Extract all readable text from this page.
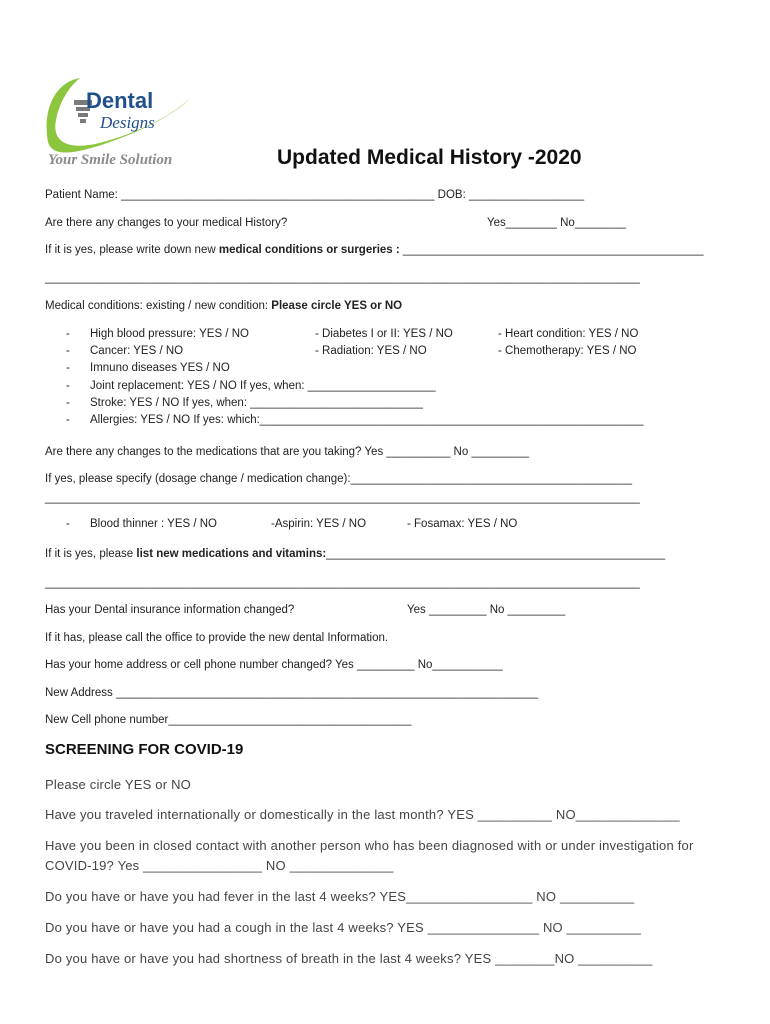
Dental
Designs
Your Smile Solution	Updated Medical History -2020
Patient Name: _________________________________________________ DOB: __________________
Are there any changes to your medical History?	Yes________ No________
If it is yes, please write down new medical conditions or surgeries : _______________________________________________
_____________________________________________________________________________________________
Medical conditions: existing / new condition: Please circle YES or NO
- High blood pressure: YES / NO	- Diabetes I or II: YES / NO	- Heart condition: YES / NO
- Cancer: YES / NO	- Radiation: YES / NO	- Chemotherapy: YES / NO
- Imnuno diseases YES / NO
- Joint replacement: YES / NO If yes, when: ____________________
- Stroke: YES / NO If yes, when: ___________________________
- Allergies: YES / NO If yes: which:____________________________________________________________
Are there any changes to the medications that are you taking? Yes __________ No _________
If yes, please specify (dosage change / medication change):____________________________________________
_____________________________________________________________________________________________
- Blood thinner : YES / NO	-Aspirin: YES / NO	- Fosamax: YES / NO
If it is yes, please list new medications and vitamins:_____________________________________________________
_____________________________________________________________________________________________
Has your Dental insurance information changed?	Yes _________ No _________
If it has, please call the office to provide the new dental Information.
Has your home address or cell phone number changed? Yes _________ No___________
New Address __________________________________________________________________
New Cell phone number______________________________________
SCREENING FOR COVID-19
Please circle YES or NO
Have you traveled internationally or domestically in the last month? YES __________ NO______________
Have you been in closed contact with another person who has been diagnosed with or under investigation for
COVID-19? Yes ________________ NO ______________
Do you have or have you had fever in the last 4 weeks? YES_________________ NO __________
Do you have or have you had a cough in the last 4 weeks? YES _______________ NO __________
Do you have or have you had shortness of breath in the last 4 weeks? YES ________NO __________
